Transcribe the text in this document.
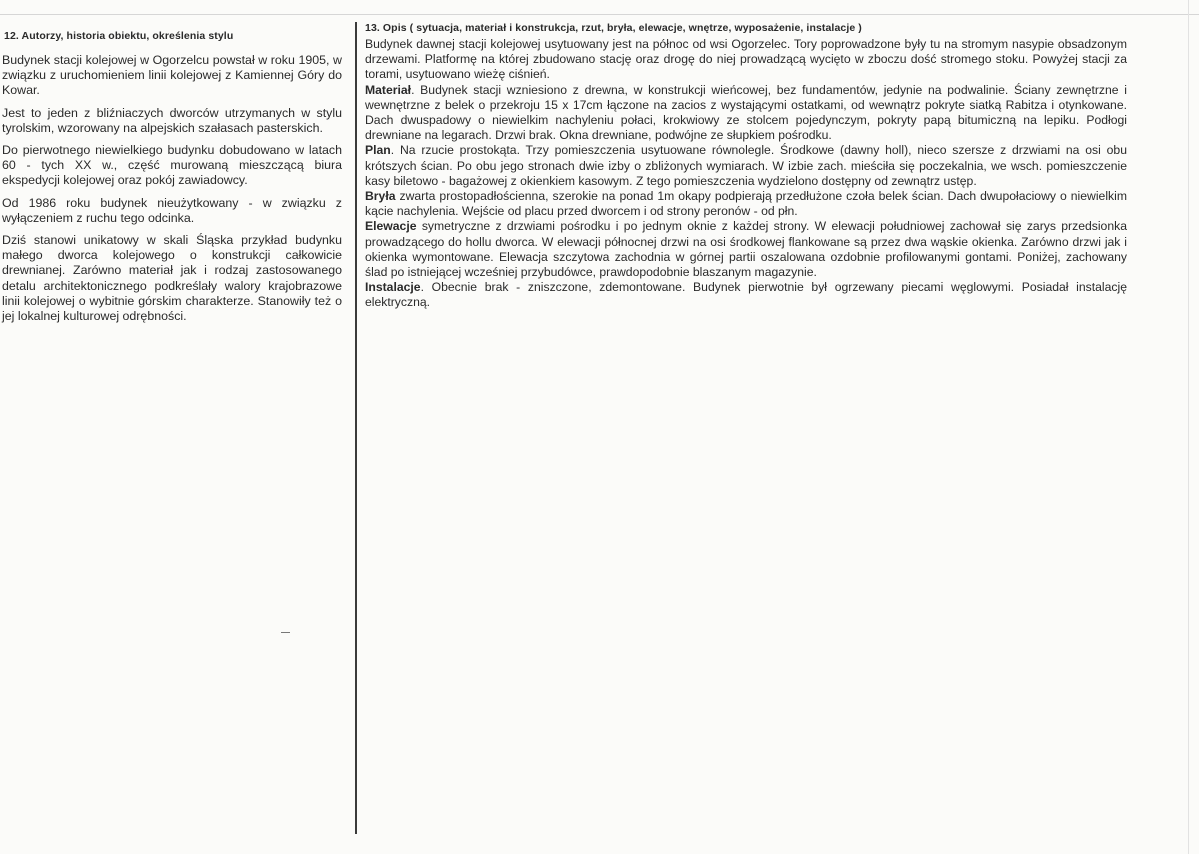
12. Autorzy, historia obiektu, określenia stylu

Budynek stacji kolejowej w Ogorzelcu powstał w roku 1905, w związku z uruchomieniem linii kolejowej z Kamiennej Góry do Kowar.

Jest to jeden z bliźniaczych dworców utrzymanych w stylu tyrolskim, wzorowany na alpejskich szałasach pasterskich.

Do pierwotnego niewielkiego budynku dobudowano w latach 60 - tych XX w., część murowaną mieszczącą biura ekspedycji kolejowej oraz pokój zawiadowcy.

Od 1986 roku budynek nieużytkowany - w związku z wyłączeniem z ruchu tego odcinka.

Dziś stanowi unikatowy w skali Śląska przykład budynku małego dworca kolejowego o konstrukcji całkowicie drewnianej. Zarówno materiał jak i rodzaj zastosowanego detalu architektonicznego podkreślały walory krajobrazowe linii kolejowej o wybitnie górskim charakterze. Stanowiły też o jej lokalnej kulturowej odrębności.

13. Opis ( sytuacja, materiał i konstrukcja, rzut, bryła, elewacje, wnętrze, wyposażenie, instalacje )

Budynek dawnej stacji kolejowej usytuowany jest na północ od wsi Ogorzelec. Tory poprowadzone były tu na stromym nasypie obsadzonym drzewami. Platformę na której zbudowano stację oraz drogę do niej prowadzącą wycięto w zboczu dość stromego stoku. Powyżej stacji za torami, usytuowano wieżę ciśnień.

Materiał. Budynek stacji wzniesiono z drewna, w konstrukcji wieńcowej, bez fundamentów, jedynie na podwalinie. Ściany zewnętrzne i wewnętrzne z belek o przekroju 15 x 17cm łączone na zacios z wystającymi ostatkami, od wewnątrz pokryte siatką Rabitza i otynkowane. Dach dwuspadowy o niewielkim nachyleniu połaci, krokwiowy ze stolcem pojedynczym, pokryty papą bitumiczną na lepiku. Podłogi drewniane na legarach. Drzwi brak. Okna drewniane, podwójne ze słupkiem pośrodku.

Plan. Na rzucie prostokąta. Trzy pomieszczenia usytuowane równolegle. Środkowe (dawny holl), nieco szersze z drzwiami na osi obu krótszych ścian. Po obu jego stronach dwie izby o zbliżonych wymiarach. W izbie zach. mieściła się poczekalnia, we wsch. pomieszczenie kasy biletowo - bagażowej z okienkiem kasowym. Z tego pomieszczenia wydzielono dostępny od zewnątrz ustęp.

Bryła zwarta prostopadłościenna, szerokie na ponad 1m okapy podpierają przedłużone czoła belek ścian. Dach dwupołaciowy o niewielkim kącie nachylenia. Wejście od placu przed dworcem i od strony peronów - od płn.

Elewacje symetryczne z drzwiami pośrodku i po jednym oknie z każdej strony. W elewacji południowej zachował się zarys przedsionka prowadzącego do hollu dworca. W elewacji północnej drzwi na osi środkowej flankowane są przez dwa wąskie okienka. Zarówno drzwi jak i okienka wymontowane. Elewacja szczytowa zachodnia w górnej partii oszalowana ozdobnie profilowanymi gontami. Poniżej, zachowany ślad po istniejącej wcześniej przybudówce, prawdopodobnie blaszanym magazynie.

Instalacje. Obecnie brak - zniszczone, zdemontowane. Budynek pierwotnie był ogrzewany piecami węglowymi. Posiadał instalację elektryczną.
